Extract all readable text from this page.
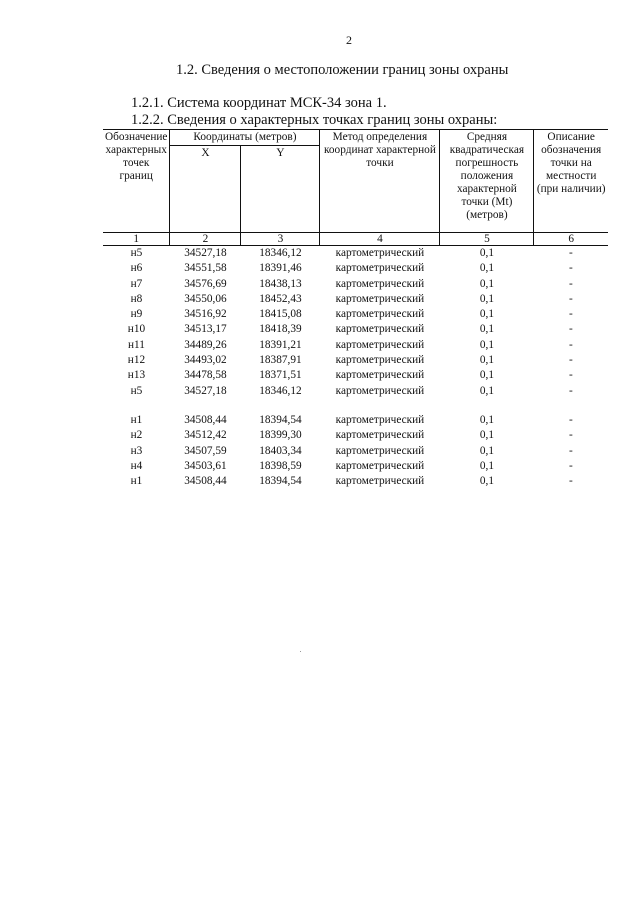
2
1.2. Сведения о местоположении границ зоны охраны
1.2.1. Система координат МСК-34 зона 1.
1.2.2. Сведения о характерных точках границ зоны охраны:
Обозначение характерных точек границ	Координаты (метров)		Метод определения координат характерной точки	Средняя квадратическая погрешность положения характерной точки (Mt) (метров)	Описание обозначения точки на местности (при наличии)
	X	Y			
1	2	3	4	5	6
н5	34527,18	18346,12	картометрический	0,1	-
н6	34551,58	18391,46	картометрический	0,1	-
н7	34576,69	18438,13	картометрический	0,1	-
н8	34550,06	18452,43	картометрический	0,1	-
н9	34516,92	18415,08	картометрический	0,1	-
н10	34513,17	18418,39	картометрический	0,1	-
н11	34489,26	18391,21	картометрический	0,1	-
н12	34493,02	18387,91	картометрический	0,1	-
н13	34478,58	18371,51	картометрический	0,1	-
н5	34527,18	18346,12	картометрический	0,1	-

н1	34508,44	18394,54	картометрический	0,1	-
н2	34512,42	18399,30	картометрический	0,1	-
н3	34507,59	18403,34	картометрический	0,1	-
н4	34503,61	18398,59	картометрический	0,1	-
н1	34508,44	18394,54	картометрический	0,1	-
